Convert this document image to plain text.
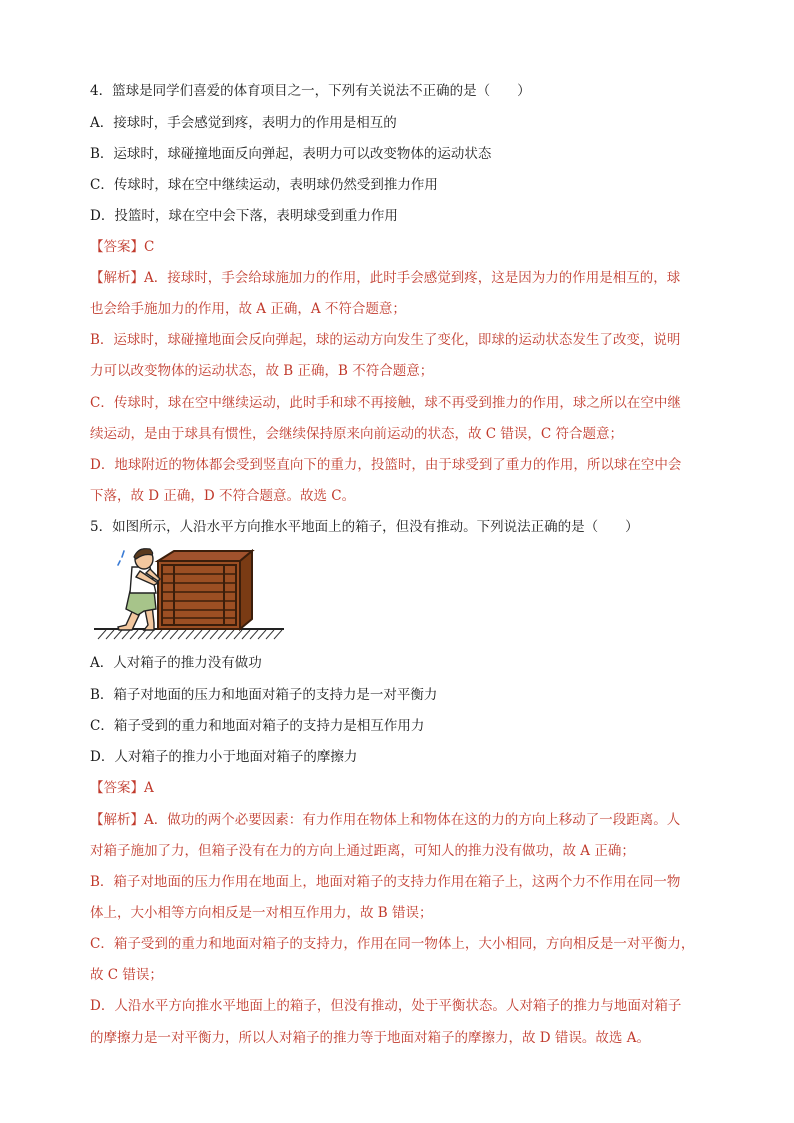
4．篮球是同学们喜爱的体育项目之一，下列有关说法不正确的是（　　）
A．接球时，手会感觉到疼，表明力的作用是相互的
B．运球时，球碰撞地面反向弹起，表明力可以改变物体的运动状态
C．传球时，球在空中继续运动，表明球仍然受到推力作用
D．投篮时，球在空中会下落，表明球受到重力作用
【答案】C
【解析】A．接球时，手会给球施加力的作用，此时手会感觉到疼，这是因为力的作用是相互的，球
也会给手施加力的作用，故 A 正确，A 不符合题意；
B．运球时，球碰撞地面会反向弹起，球的运动方向发生了变化，即球的运动状态发生了改变，说明
力可以改变物体的运动状态，故 B 正确，B 不符合题意；
C．传球时，球在空中继续运动，此时手和球不再接触，球不再受到推力的作用，球之所以在空中继
续运动，是由于球具有惯性，会继续保持原来向前运动的状态，故 C 错误，C 符合题意；
D．地球附近的物体都会受到竖直向下的重力，投篮时，由于球受到了重力的作用，所以球在空中会
下落，故 D 正确，D 不符合题意。故选 C。
5．如图所示，人沿水平方向推水平地面上的箱子，但没有推动。下列说法正确的是（　　）
A．人对箱子的推力没有做功
B．箱子对地面的压力和地面对箱子的支持力是一对平衡力
C．箱子受到的重力和地面对箱子的支持力是相互作用力
D．人对箱子的推力小于地面对箱子的摩擦力
【答案】A
【解析】A．做功的两个必要因素：有力作用在物体上和物体在这的力的方向上移动了一段距离。人
对箱子施加了力，但箱子没有在力的方向上通过距离，可知人的推力没有做功，故 A 正确；
B．箱子对地面的压力作用在地面上，地面对箱子的支持力作用在箱子上，这两个力不作用在同一物
体上，大小相等方向相反是一对相互作用力，故 B 错误；
C．箱子受到的重力和地面对箱子的支持力，作用在同一物体上，大小相同，方向相反是一对平衡力，
故 C 错误；
D．人沿水平方向推水平地面上的箱子，但没有推动，处于平衡状态。人对箱子的推力与地面对箱子
的摩擦力是一对平衡力，所以人对箱子的推力等于地面对箱子的摩擦力，故 D 错误。故选 A。
